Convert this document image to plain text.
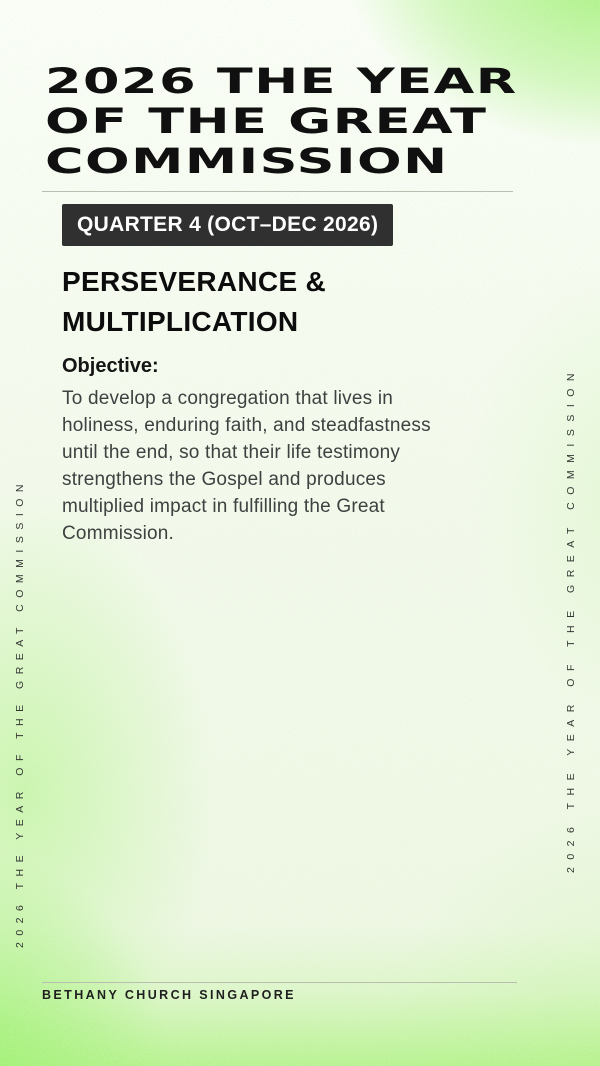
2026 THE YEAR
OF THE GREAT
COMMISSION
QUARTER 4 (OCT–DEC 2026)
PERSEVERANCE &
MULTIPLICATION
Objective:
To develop a congregation that lives in
holiness, enduring faith, and steadfastness
until the end, so that their life testimony
strengthens the Gospel and produces
multiplied impact in fulfilling the Great
Commission.
2026 THE YEAR OF THE GREAT COMMISSION	2026 THE YEAR OF THE GREAT COMMISSION
BETHANY CHURCH SINGAPORE
